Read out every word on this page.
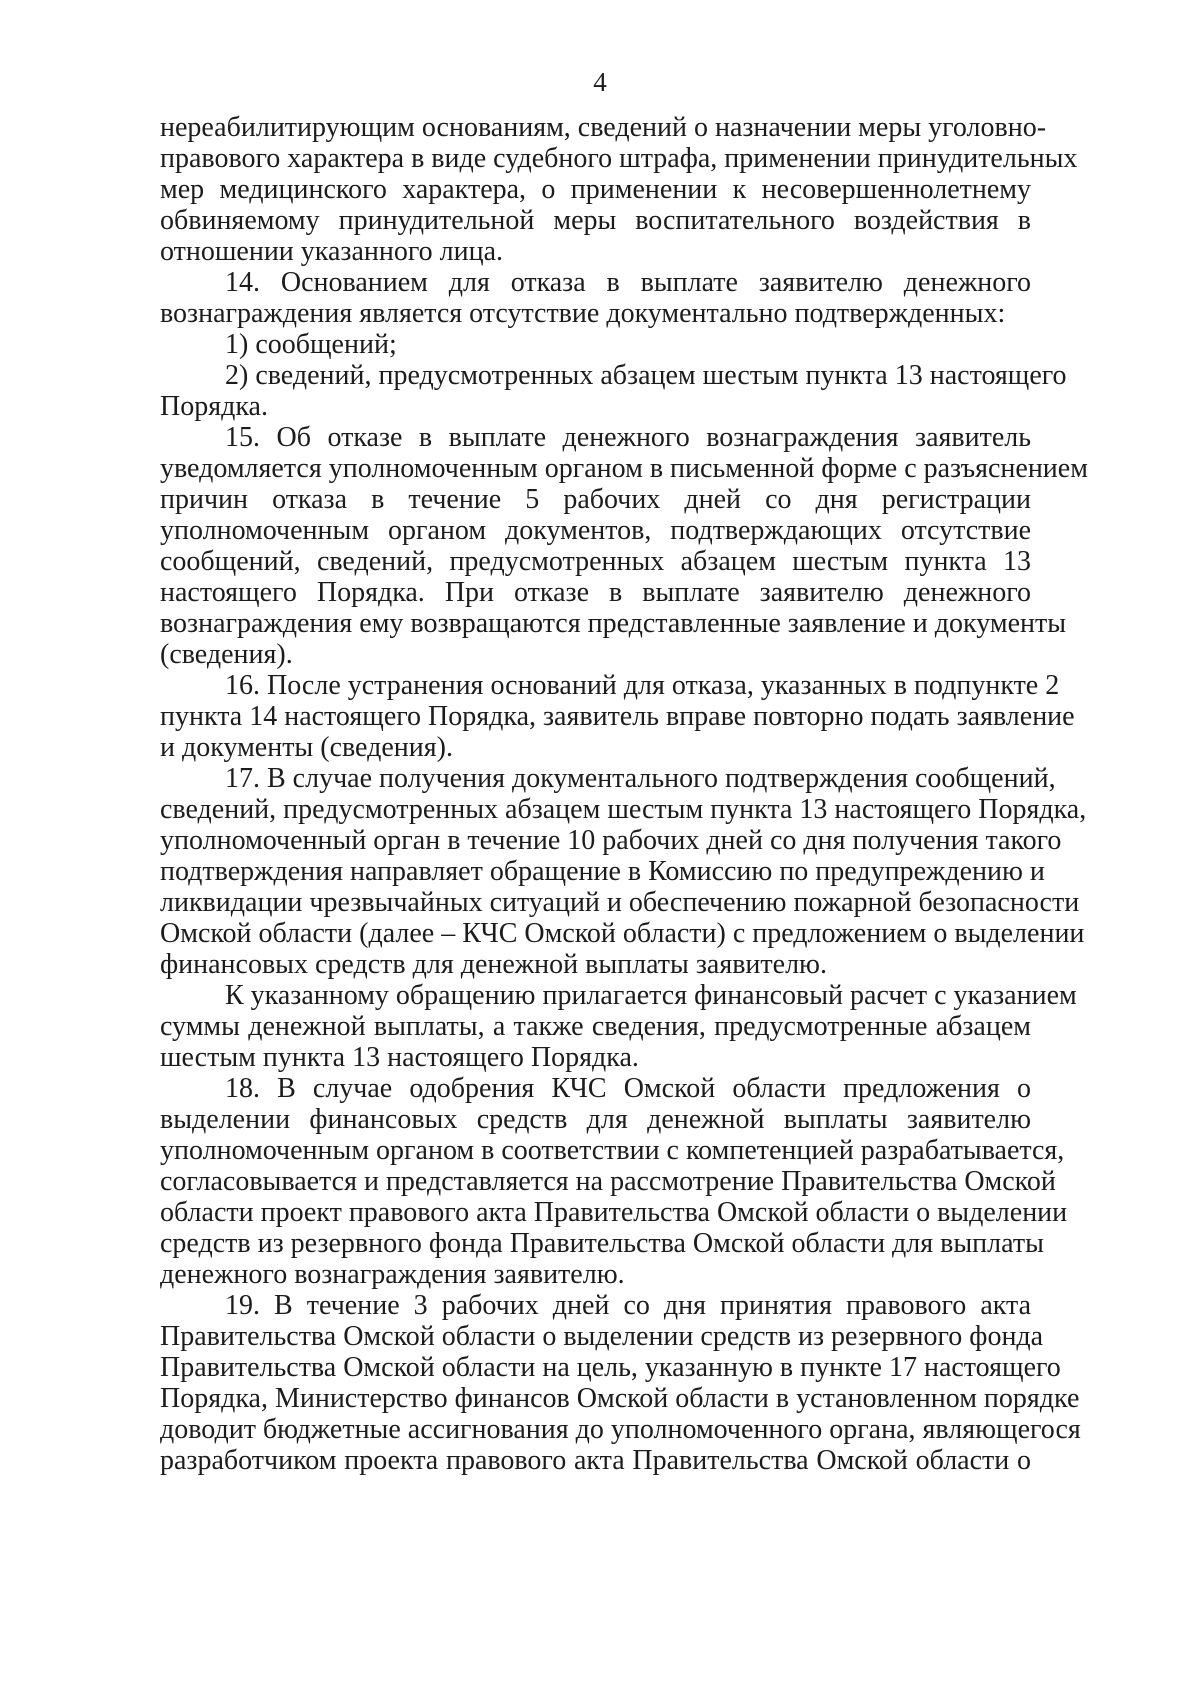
4
нереабилитирующим основаниям, сведений о назначении меры уголовно-
правового характера в виде судебного штрафа, применении принудительных
мер медицинского характера, о применении к несовершеннолетнему
обвиняемому принудительной меры воспитательного воздействия в
отношении указанного лица.
14. Основанием для отказа в выплате заявителю денежного
вознаграждения является отсутствие документально подтвержденных:
1) сообщений;
2) сведений, предусмотренных абзацем шестым пункта 13 настоящего
Порядка.
15. Об отказе в выплате денежного вознаграждения заявитель
уведомляется уполномоченным органом в письменной форме с разъяснением
причин отказа в течение 5 рабочих дней со дня регистрации
уполномоченным органом документов, подтверждающих отсутствие
сообщений, сведений, предусмотренных абзацем шестым пункта 13
настоящего Порядка. При отказе в выплате заявителю денежного
вознаграждения ему возвращаются представленные заявление и документы
(сведения).
16. После устранения оснований для отказа, указанных в подпункте 2
пункта 14 настоящего Порядка, заявитель вправе повторно подать заявление
и документы (сведения).
17. В случае получения документального подтверждения сообщений,
сведений, предусмотренных абзацем шестым пункта 13 настоящего Порядка,
уполномоченный орган в течение 10 рабочих дней со дня получения такого
подтверждения направляет обращение в Комиссию по предупреждению и
ликвидации чрезвычайных ситуаций и обеспечению пожарной безопасности
Омской области (далее – КЧС Омской области) с предложением о выделении
финансовых средств для денежной выплаты заявителю.
К указанному обращению прилагается финансовый расчет с указанием
суммы денежной выплаты, а также сведения, предусмотренные абзацем
шестым пункта 13 настоящего Порядка.
18. В случае одобрения КЧС Омской области предложения о
выделении финансовых средств для денежной выплаты заявителю
уполномоченным органом в соответствии с компетенцией разрабатывается,
согласовывается и представляется на рассмотрение Правительства Омской
области проект правового акта Правительства Омской области о выделении
средств из резервного фонда Правительства Омской области для выплаты
денежного вознаграждения заявителю.
19. В течение 3 рабочих дней со дня принятия правового акта
Правительства Омской области о выделении средств из резервного фонда
Правительства Омской области на цель, указанную в пункте 17 настоящего
Порядка, Министерство финансов Омской области в установленном порядке
доводит бюджетные ассигнования до уполномоченного органа, являющегося
разработчиком проекта правового акта Правительства Омской области о
